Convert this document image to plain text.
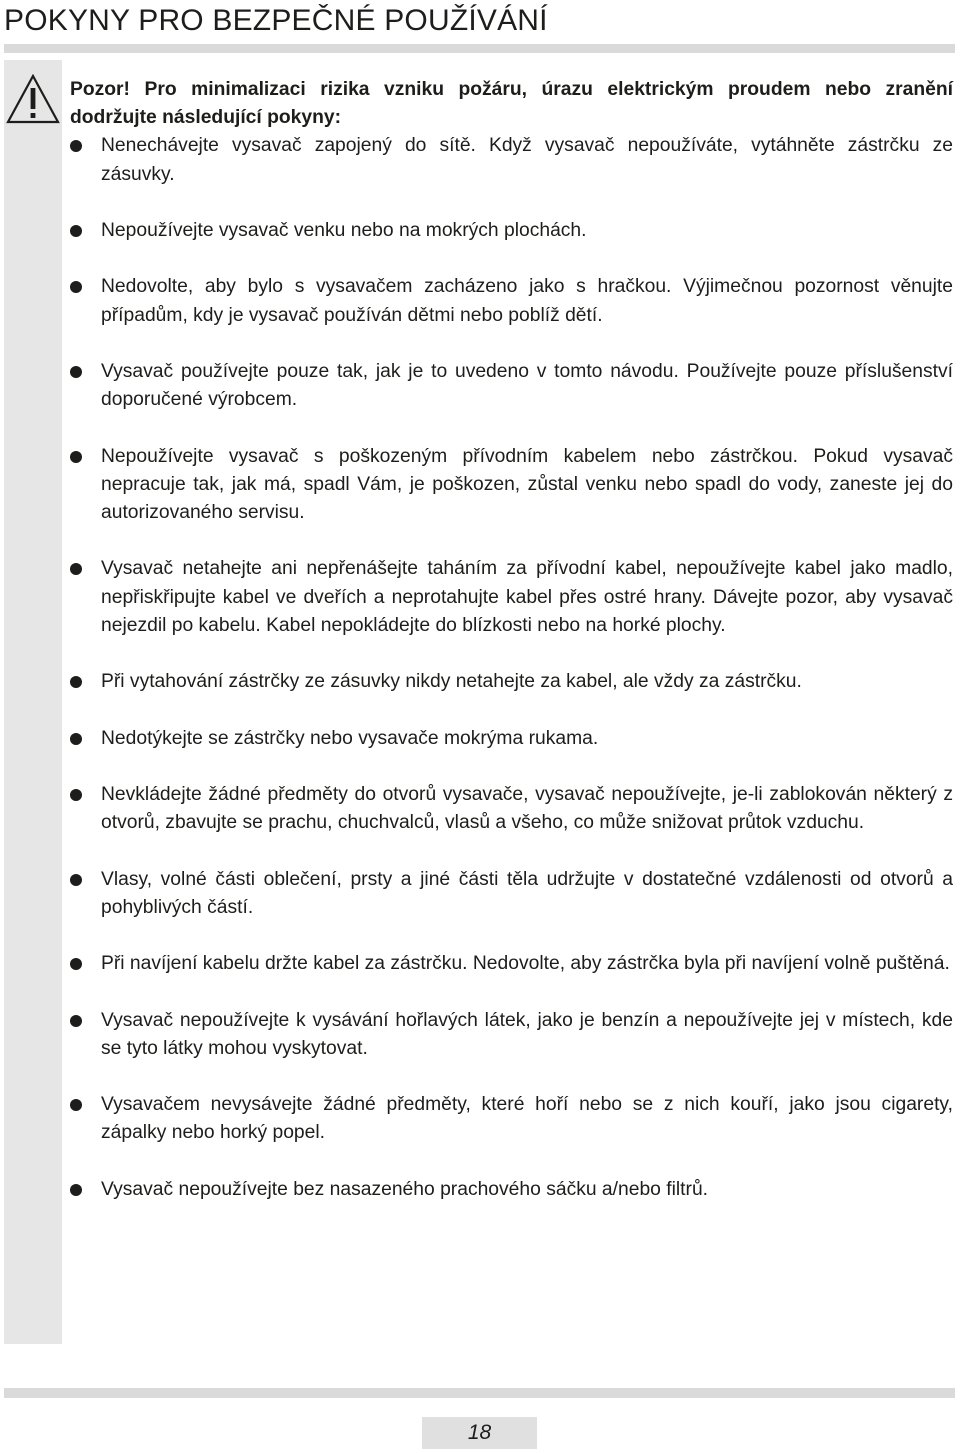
POKYNY PRO BEZPEČNÉ POUŽÍVÁNÍ

Pozor! Pro minimalizaci rizika vzniku požáru, úrazu elektrickým proudem nebo zranění dodržujte následující pokyny:

Nenechávejte vysavač zapojený do sítě. Když vysavač nepoužíváte, vytáhněte zástrčku ze zásuvky.
Nepoužívejte vysavač venku nebo na mokrých plochách.
Nedovolte, aby bylo s vysavačem zacházeno jako s hračkou. Výjimečnou pozornost věnujte případům, kdy je vysavač používán dětmi nebo poblíž dětí.
Vysavač používejte pouze tak, jak je to uvedeno v tomto návodu. Používejte pouze příslušenství doporučené výrobcem.
Nepoužívejte vysavač s poškozeným přívodním kabelem nebo zástrčkou. Pokud vysavač nepracuje tak, jak má, spadl Vám, je poškozen, zůstal venku nebo spadl do vody, zaneste jej do autorizovaného servisu.
Vysavač netahejte ani nepřenášejte taháním za přívodní kabel, nepoužívejte kabel jako madlo, nepřiskřipujte kabel ve dveřích a neprotahujte kabel přes ostré hrany. Dávejte pozor, aby vysavač nejezdil po kabelu. Kabel nepokládejte do blízkosti nebo na horké plochy.
Při vytahování zástrčky ze zásuvky nikdy netahejte za kabel, ale vždy za zástrčku.
Nedotýkejte se zástrčky nebo vysavače mokrýma rukama.
Nevkládejte žádné předměty do otvorů vysavače, vysavač nepoužívejte, je-li zablokován některý z otvorů, zbavujte se prachu, chuchvalců, vlasů a všeho, co může snižovat průtok vzduchu.
Vlasy, volné části oblečení, prsty a jiné části těla udržujte v dostatečné vzdálenosti od otvorů a pohyblivých částí.
Při navíjení kabelu držte kabel za zástrčku. Nedovolte, aby zástrčka byla při navíjení volně puštěná.
Vysavač nepoužívejte k vysávání hořlavých látek, jako je benzín a nepoužívejte jej v místech, kde se tyto látky mohou vyskytovat.
Vysavačem nevysávejte žádné předměty, které hoří nebo se z nich kouří, jako jsou cigarety, zápalky nebo horký popel.
Vysavač nepoužívejte bez nasazeného prachového sáčku a/nebo filtrů.
18
